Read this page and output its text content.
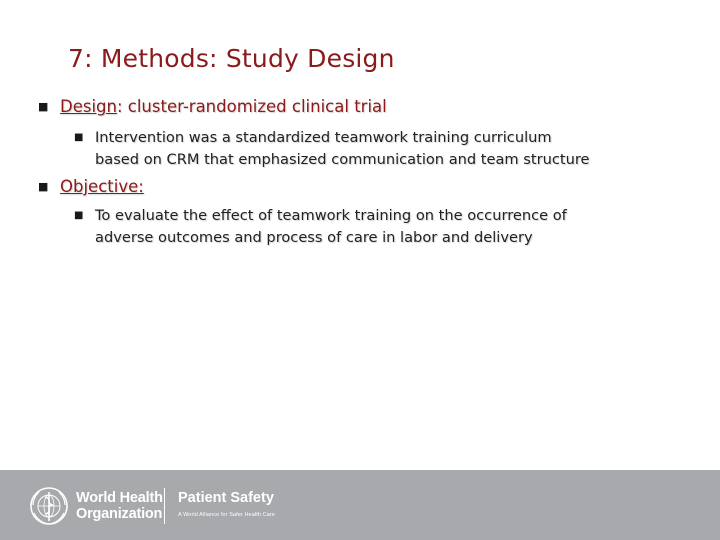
7: Methods: Study Design
■ Design: cluster-randomized clinical trial
■ Intervention was a standardized teamwork training curriculum
based on CRM that emphasized communication and team structure
■ Objective:
■ To evaluate the effect of teamwork training on the occurrence of
adverse outcomes and process of care in labor and delivery
World Health
Organization
Patient Safety
A World Alliance for Safer Health Care
